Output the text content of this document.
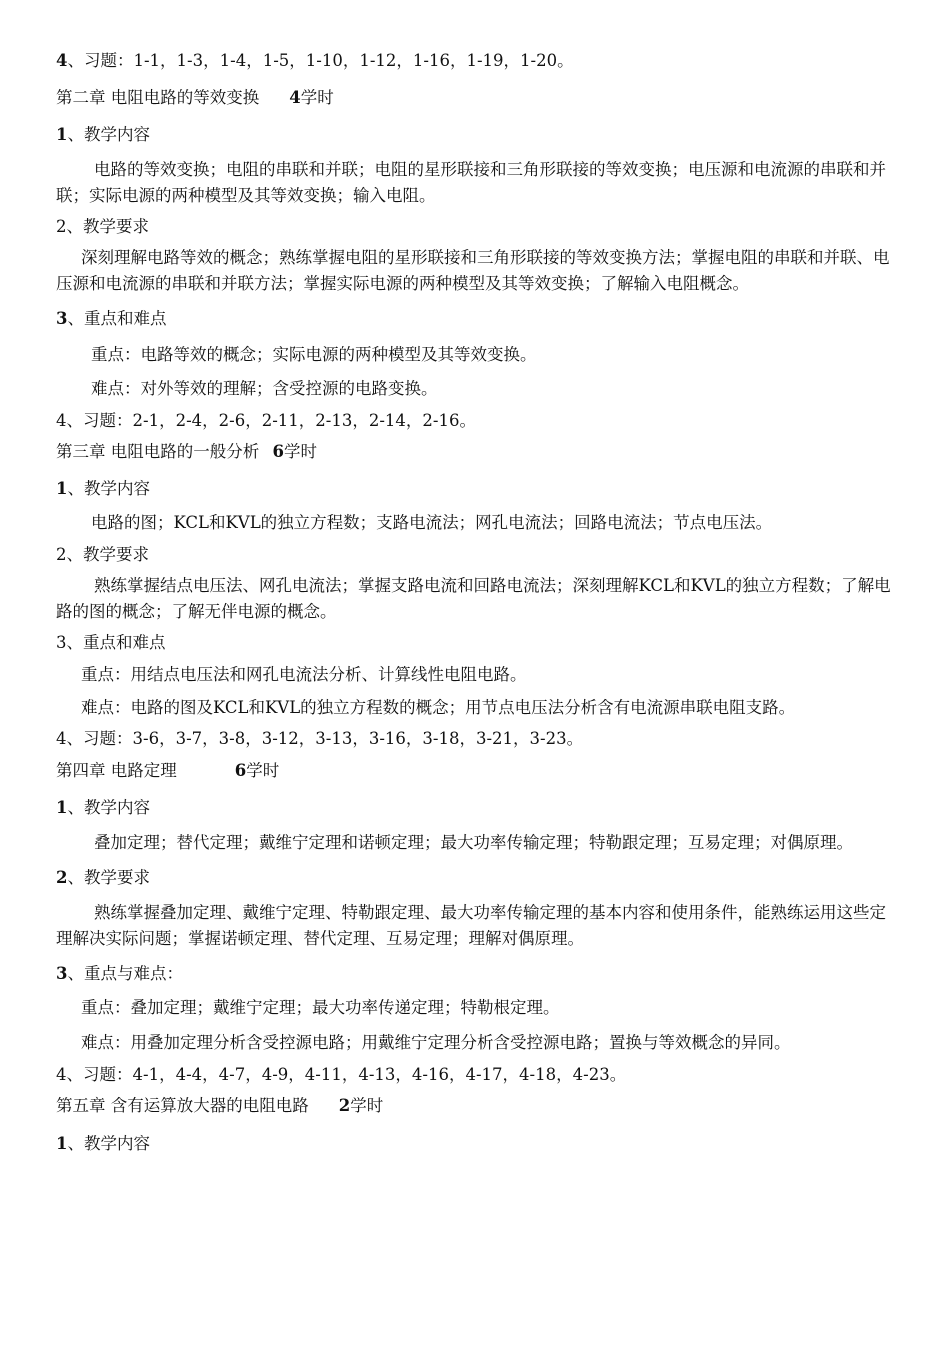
4、习题：1-1，1-3，1-4，1-5，1-10，1-12，1-16，1-19，1-20。

第二章 电阻电路的等效变换 4学时

1、教学内容

电路的等效变换；电阻的串联和并联；电阻的星形联接和三角形联接的等效变换；电压源和电流源的串联和并联；实际电源的两种模型及其等效变换；输入电阻。

2、教学要求

深刻理解电路等效的概念；熟练掌握电阻的星形联接和三角形联接的等效变换方法；掌握电阻的串联和并联、电压源和电流源的串联和并联方法；掌握实际电源的两种模型及其等效变换；了解输入电阻概念。

3、重点和难点

重点：电路等效的概念；实际电源的两种模型及其等效变换。

难点：对外等效的理解；含受控源的电路变换。

4、习题：2-1，2-4，2-6，2-11，2-13，2-14，2-16。

第三章 电阻电路的一般分析 6学时

1、教学内容

电路的图；KCL和KVL的独立方程数；支路电流法；网孔电流法；回路电流法；节点电压法。

2、教学要求

熟练掌握结点电压法、网孔电流法；掌握支路电流和回路电流法；深刻理解KCL和KVL的独立方程数；了解电路的图的概念；了解无伴电源的概念。

3、重点和难点

重点：用结点电压法和网孔电流法分析、计算线性电阻电路。

难点：电路的图及KCL和KVL的独立方程数的概念；用节点电压法分析含有电流源串联电阻支路。

4、习题：3-6，3-7，3-8，3-12，3-13，3-16，3-18，3-21，3-23。

第四章 电路定理	6学时

1、教学内容

叠加定理；替代定理；戴维宁定理和诺顿定理；最大功率传输定理；特勒跟定理；互易定理；对偶原理。

2、教学要求

熟练掌握叠加定理、戴维宁定理、特勒跟定理、最大功率传输定理的基本内容和使用条件，能熟练运用这些定理解决实际问题；掌握诺顿定理、替代定理、互易定理；理解对偶原理。

3、重点与难点：

重点：叠加定理；戴维宁定理；最大功率传递定理；特勒根定理。

难点：用叠加定理分析含受控源电路；用戴维宁定理分析含受控源电路；置换与等效概念的异同。

4、习题：4-1，4-4，4-7，4-9，4-11，4-13，4-16，4-17，4-18，4-23。

第五章 含有运算放大器的电阻电路 2学时

1、教学内容
